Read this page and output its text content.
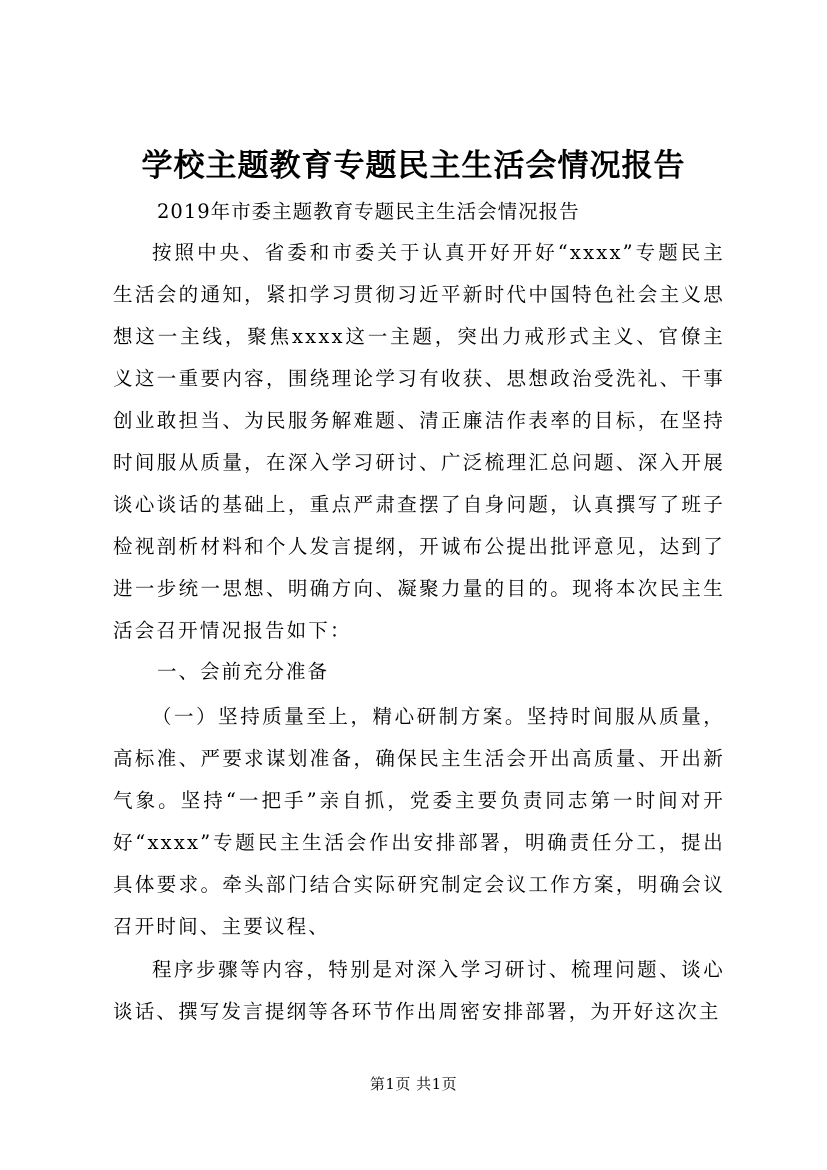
学校主题教育专题民主生活会情况报告
2019年市委主题教育专题民主生活会情况报告

按照中央、省委和市委关于认真开好开好“xxxx”专题民主生活会的通知，紧扣学习贯彻习近平新时代中国特色社会主义思想这一主线，聚焦xxxx这一主题，突出力戒形式主义、官僚主义这一重要内容，围绕理论学习有收获、思想政治受洗礼、干事创业敢担当、为民服务解难题、清正廉洁作表率的目标，在坚持时间服从质量，在深入学习研讨、广泛梳理汇总问题、深入开展谈心谈话的基础上，重点严肃查摆了自身问题，认真撰写了班子检视剖析材料和个人发言提纲，开诚布公提出批评意见，达到了进一步统一思想、明确方向、凝聚力量的目的。现将本次民主生活会召开情况报告如下：

一、会前充分准备

（一）坚持质量至上，精心研制方案。坚持时间服从质量，高标准、严要求谋划准备，确保民主生活会开出高质量、开出新气象。坚持“一把手”亲自抓，党委主要负责同志第一时间对开好“xxxx”专题民主生活会作出安排部署，明确责任分工，提出具体要求。牵头部门结合实际研究制定会议工作方案，明确会议召开时间、主要议程、

程序步骤等内容，特别是对深入学习研讨、梳理问题、谈心谈话、撰写发言提纲等各环节作出周密安排部署，为开好这次主

第1页 共1页
